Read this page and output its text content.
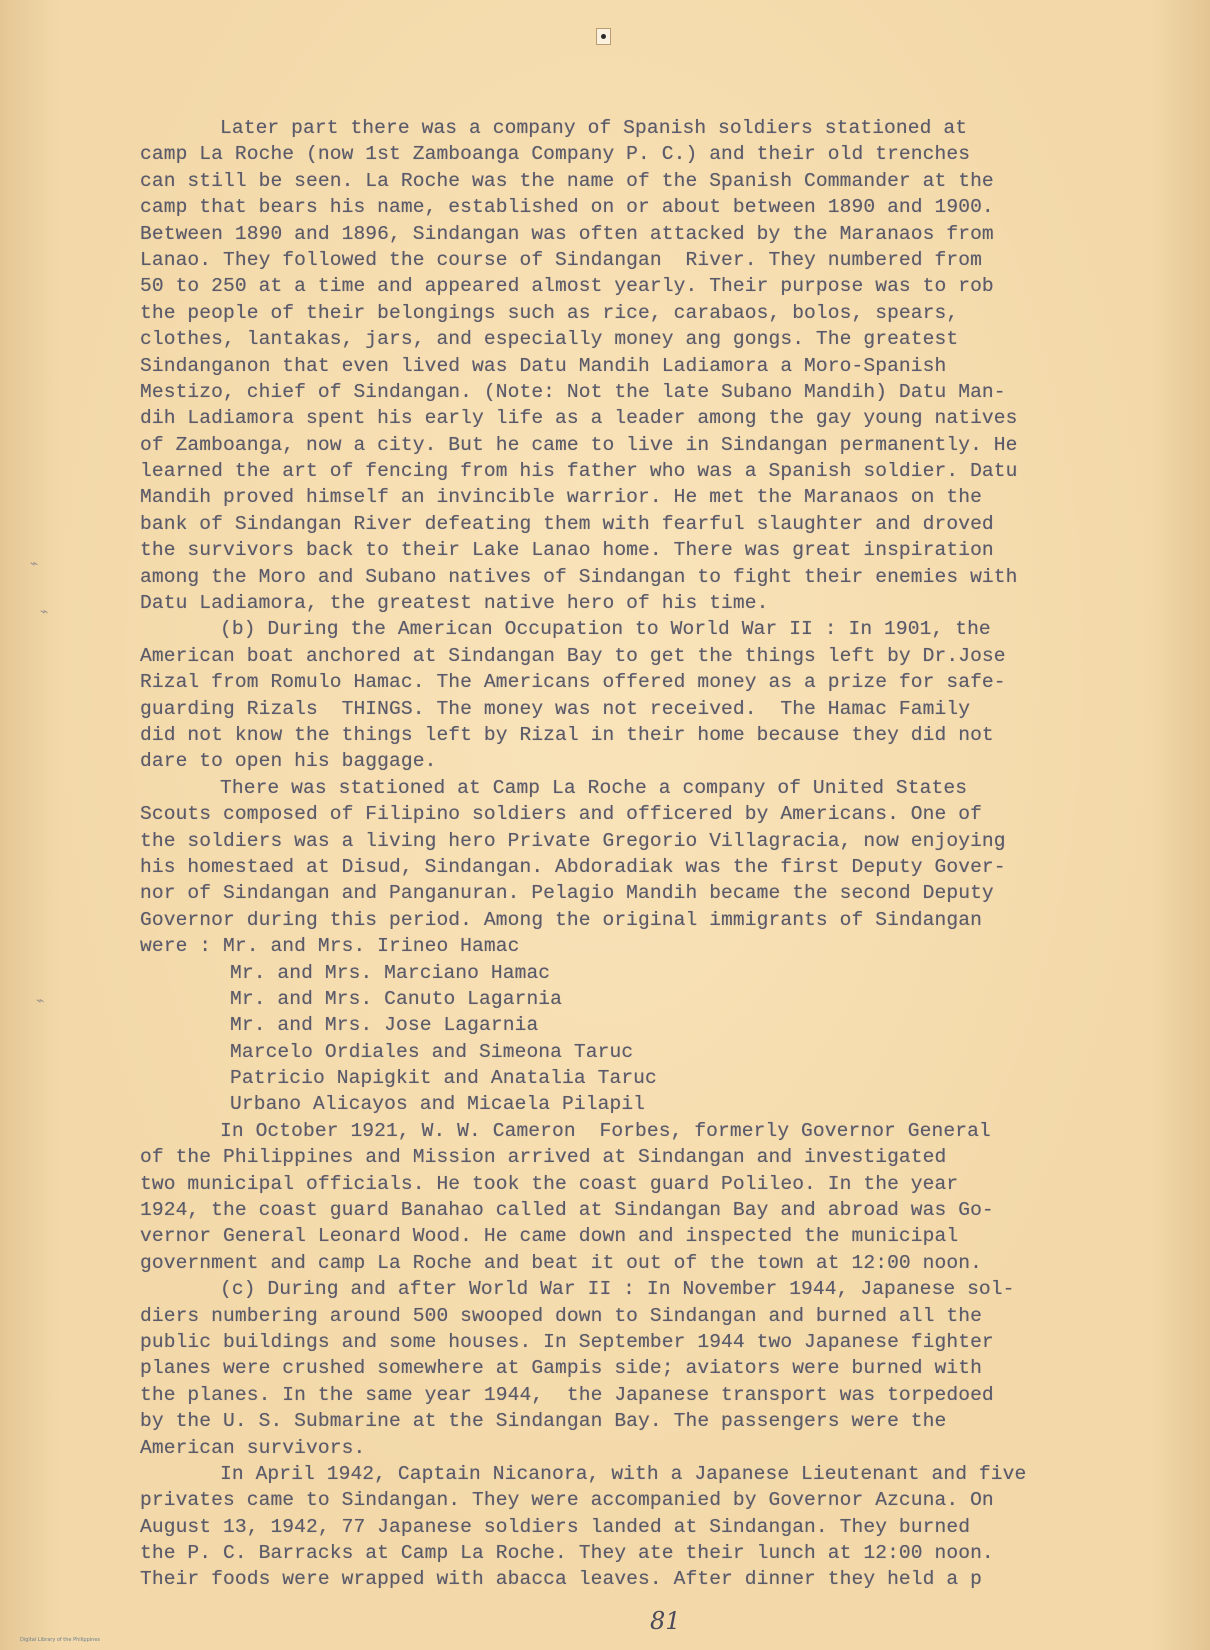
⌁
⌁
⌁
Later part there was a company of Spanish soldiers stationed at
camp La Roche (now 1st Zamboanga Company P. C.) and their old trenches
can still be seen. La Roche was the name of the Spanish Commander at the
camp that bears his name, established on or about between 1890 and 1900.
Between 1890 and 1896, Sindangan was often attacked by the Maranaos from
Lanao. They followed the course of Sindangan  River. They numbered from
50 to 250 at a time and appeared almost yearly. Their purpose was to rob
the people of their belongings such as rice, carabaos, bolos, spears,
clothes, lantakas, jars, and especially money ang gongs. The greatest
Sindanganon that even lived was Datu Mandih Ladiamora a Moro-Spanish
Mestizo, chief of Sindangan. (Note: Not the late Subano Mandih) Datu Man-
dih Ladiamora spent his early life as a leader among the gay young natives
of Zamboanga, now a city. But he came to live in Sindangan permanently. He
learned the art of fencing from his father who was a Spanish soldier. Datu
Mandih proved himself an invincible warrior. He met the Maranaos on the
bank of Sindangan River defeating them with fearful slaughter and droved
the survivors back to their Lake Lanao home. There was great inspiration
among the Moro and Subano natives of Sindangan to fight their enemies with
Datu Ladiamora, the greatest native hero of his time.
(b) During the American Occupation to World War II : In 1901, the
American boat anchored at Sindangan Bay to get the things left by Dr.Jose
Rizal from Romulo Hamac. The Americans offered money as a prize for safe-
guarding Rizals  THINGS. The money was not received.  The Hamac Family
did not know the things left by Rizal in their home because they did not
dare to open his baggage.
There was stationed at Camp La Roche a company of United States
Scouts composed of Filipino soldiers and officered by Americans. One of
the soldiers was a living hero Private Gregorio Villagracia, now enjoying
his homestaed at Disud, Sindangan. Abdoradiak was the first Deputy Gover-
nor of Sindangan and Panganuran. Pelagio Mandih became the second Deputy
Governor during this period. Among the original immigrants of Sindangan
were : Mr. and Mrs. Irineo Hamac
Mr. and Mrs. Marciano Hamac
Mr. and Mrs. Canuto Lagarnia
Mr. and Mrs. Jose Lagarnia
Marcelo Ordiales and Simeona Taruc
Patricio Napigkit and Anatalia Taruc
Urbano Alicayos and Micaela Pilapil
In October 1921, W. W. Cameron  Forbes, formerly Governor General
of the Philippines and Mission arrived at Sindangan and investigated
two municipal officials. He took the coast guard Polileo. In the year
1924, the coast guard Banahao called at Sindangan Bay and abroad was Go-
vernor General Leonard Wood. He came down and inspected the municipal
government and camp La Roche and beat it out of the town at 12:00 noon.
(c) During and after World War II : In November 1944, Japanese sol-
diers numbering around 500 swooped down to Sindangan and burned all the
public buildings and some houses. In September 1944 two Japanese fighter
planes were crushed somewhere at Gampis side; aviators were burned with
the planes. In the same year 1944,  the Japanese transport was torpedoed
by the U. S. Submarine at the Sindangan Bay. The passengers were the
American survivors.
In April 1942, Captain Nicanora, with a Japanese Lieutenant and five
privates came to Sindangan. They were accompanied by Governor Azcuna. On
August 13, 1942, 77 Japanese soldiers landed at Sindangan. They burned
the P. C. Barracks at Camp La Roche. They ate their lunch at 12:00 noon.
Their foods were wrapped with abacca leaves. After dinner they held a p
81
Digital Library of the Philippines
